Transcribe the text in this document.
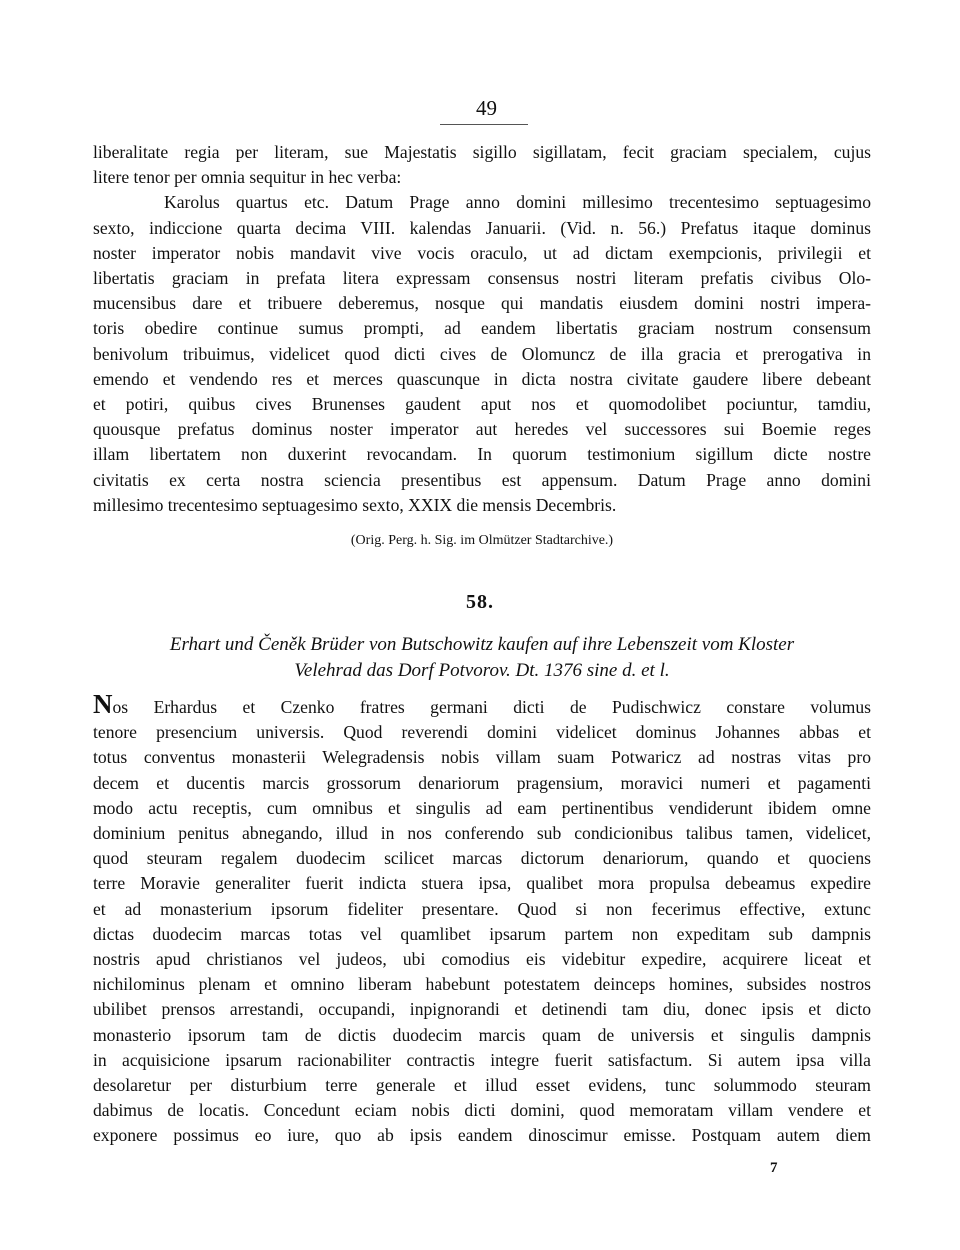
49
liberalitate regia per literam, sue Majestatis sigillo sigillatam, fecit graciam specialem, cujus
litere tenor per omnia sequitur in hec verba:
Karolus quartus etc. Datum Prage anno domini millesimo trecentesimo septuagesimo
sexto, indiccione quarta decima VIII. kalendas Januarii. (Vid. n. 56.) Prefatus itaque dominus
noster imperator nobis mandavit vive vocis oraculo, ut ad dictam exempcionis, privilegii et
libertatis graciam in prefata litera expressam consensus nostri literam prefatis civibus Olo-
mucensibus dare et tribuere deberemus, nosque qui mandatis eiusdem domini nostri impera-
toris obedire continue sumus prompti, ad eandem libertatis graciam nostrum consensum
benivolum tribuimus, videlicet quod dicti cives de Olomuncz de illa gracia et prerogativa in
emendo et vendendo res et merces quascunque in dicta nostra civitate gaudere libere debeant
et potiri, quibus cives Brunenses gaudent aput nos et quomodolibet pociuntur, tamdiu,
quousque prefatus dominus noster imperator aut heredes vel successores sui Boemie reges
illam libertatem non duxerint revocandam. In quorum testimonium sigillum dicte nostre
civitatis ex certa nostra sciencia presentibus est appensum. Datum Prage anno domini
millesimo trecentesimo septuagesimo sexto, XXIX die mensis Decembris.
(Orig. Perg. h. Sig. im Olmützer Stadtarchive.)
58.
Erhart und Čeněk Brüder von Butschowitz kaufen auf ihre Lebenszeit vom Kloster
Velehrad das Dorf Potvorov. Dt. 1376 sine d. et l.
Nos Erhardus et Czenko fratres germani dicti de Pudischwicz constare volumus
tenore presencium universis. Quod reverendi domini videlicet dominus Johannes abbas et
totus conventus monasterii Welegradensis nobis villam suam Potwaricz ad nostras vitas pro
decem et ducentis marcis grossorum denariorum pragensium, moravici numeri et pagamenti
modo actu receptis, cum omnibus et singulis ad eam pertinentibus vendiderunt ibidem omne
dominium penitus abnegando, illud in nos conferendo sub condicionibus talibus tamen, videlicet,
quod steuram regalem duodecim scilicet marcas dictorum denariorum, quando et quociens
terre Moravie generaliter fuerit indicta stuera ipsa, qualibet mora propulsa debeamus expedire
et ad monasterium ipsorum fideliter presentare. Quod si non fecerimus effective, extunc
dictas duodecim marcas totas vel quamlibet ipsarum partem non expeditam sub dampnis
nostris apud christianos vel judeos, ubi comodius eis videbitur expedire, acquirere liceat et
nichilominus plenam et omnino liberam habebunt potestatem deinceps homines, subsides nostros
ubilibet prensos arrestandi, occupandi, inpignorandi et detinendi tam diu, donec ipsis et dicto
monasterio ipsorum tam de dictis duodecim marcis quam de universis et singulis dampnis
in acquisicione ipsarum racionabiliter contractis integre fuerit satisfactum. Si autem ipsa villa
desolaretur per disturbium terre generale et illud esset evidens, tunc solummodo steuram
dabimus de locatis. Concedunt eciam nobis dicti domini, quod memoratam villam vendere et
exponere possimus eo iure, quo ab ipsis eandem dinoscimur emisse. Postquam autem diem
7
